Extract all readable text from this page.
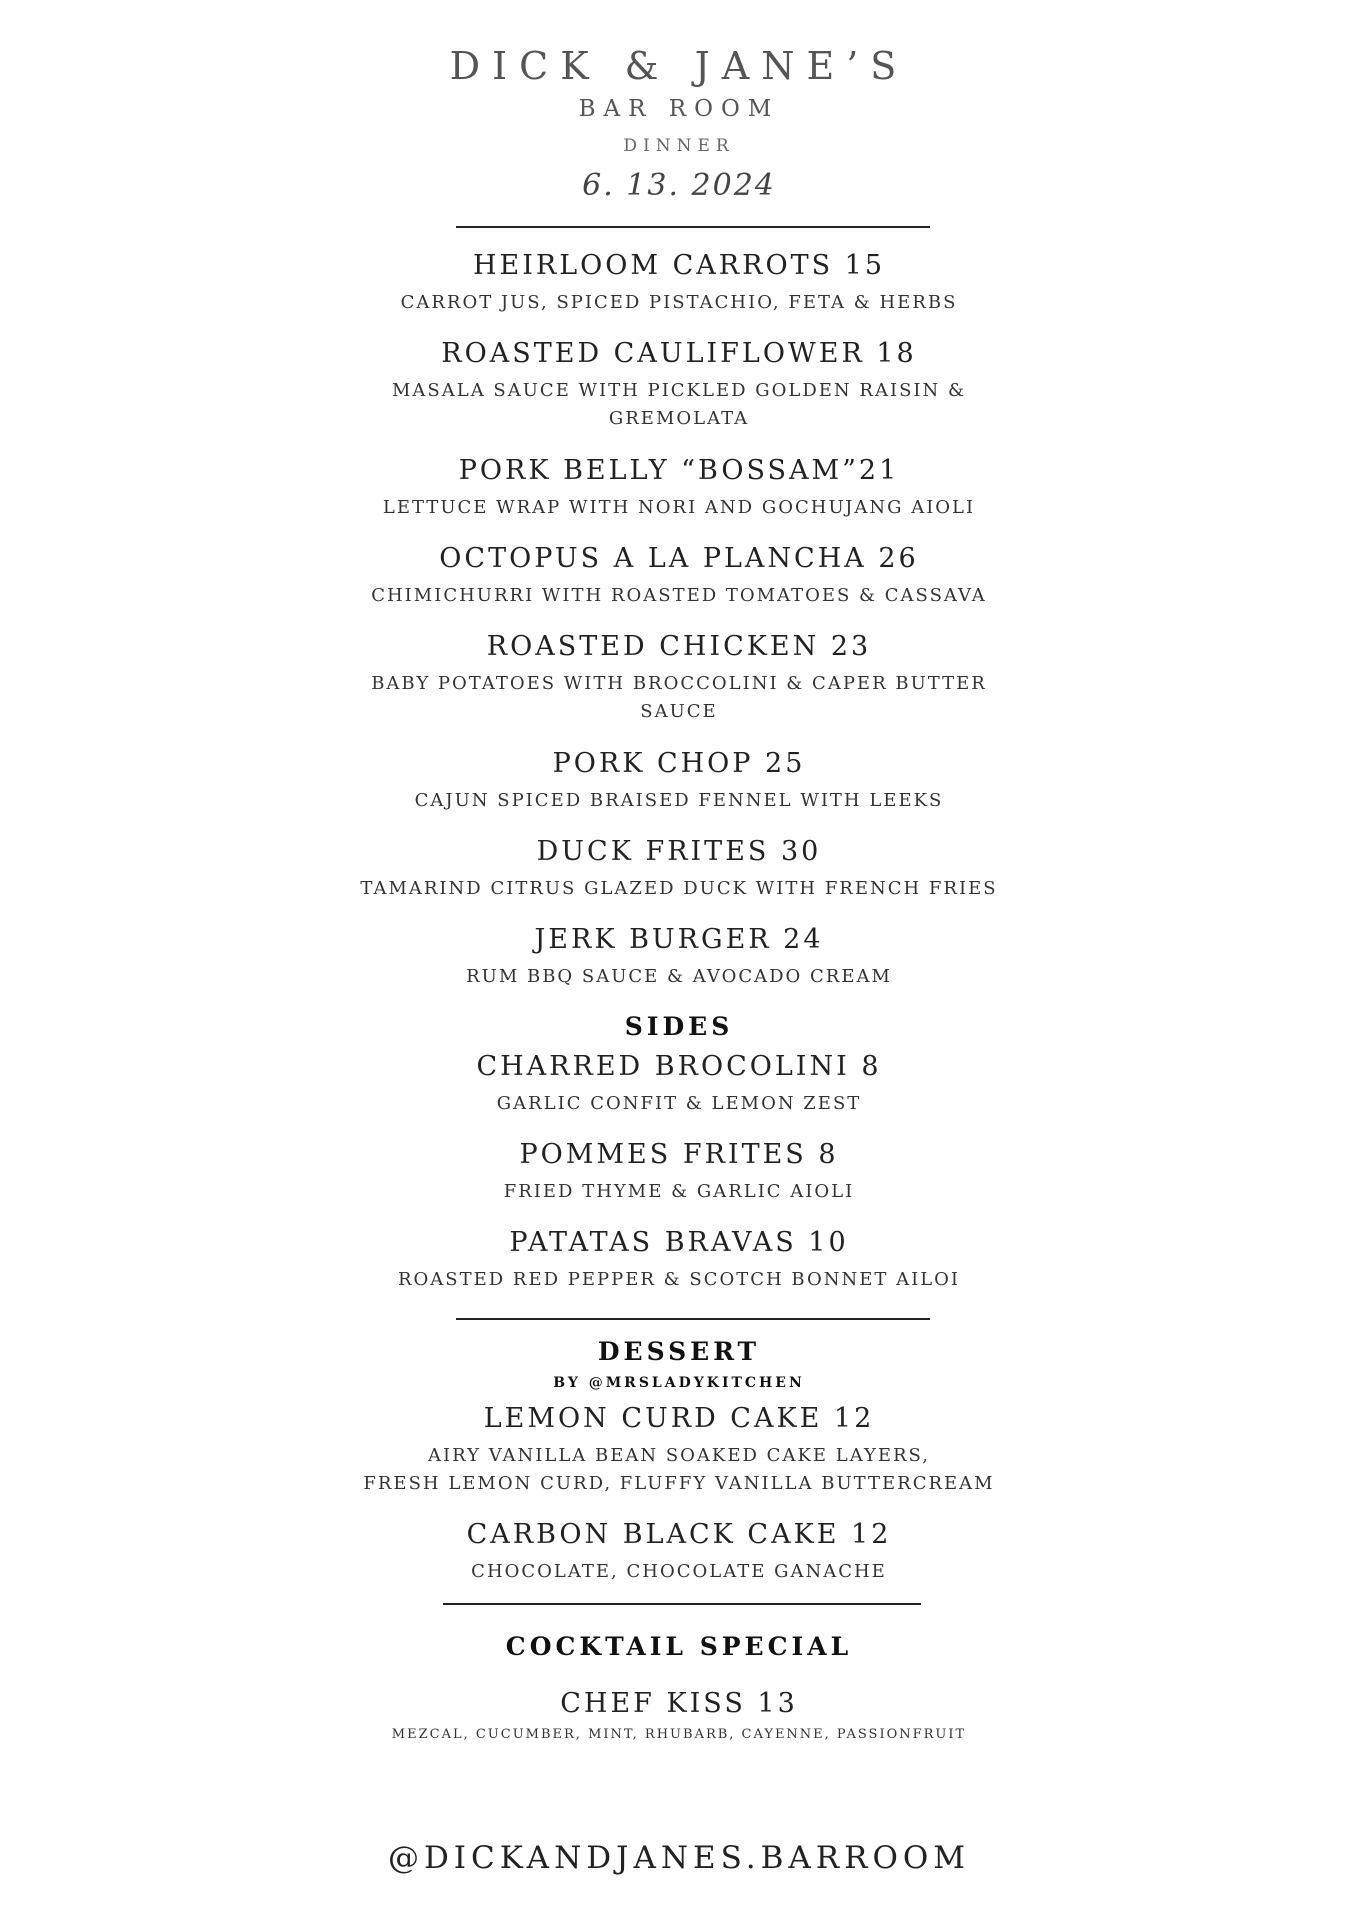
DICK & JANE’S
BAR ROOM
DINNER
6. 13. 2024
HEIRLOOM CARROTS 15
CARROT JUS, SPICED PISTACHIO, FETA & HERBS
ROASTED CAULIFLOWER 18
MASALA SAUCE WITH PICKLED GOLDEN RAISIN &
GREMOLATA
PORK BELLY “BOSSAM”21
LETTUCE WRAP WITH NORI AND GOCHUJANG AIOLI
OCTOPUS A LA PLANCHA 26
CHIMICHURRI WITH ROASTED TOMATOES & CASSAVA
ROASTED CHICKEN 23
BABY POTATOES WITH BROCCOLINI & CAPER BUTTER
SAUCE
PORK CHOP 25
CAJUN SPICED BRAISED FENNEL WITH LEEKS
DUCK FRITES 30
TAMARIND CITRUS GLAZED DUCK WITH FRENCH FRIES
JERK BURGER 24
RUM BBQ SAUCE & AVOCADO CREAM
SIDES
CHARRED BROCOLINI 8
GARLIC CONFIT & LEMON ZEST
POMMES FRITES 8
FRIED THYME & GARLIC AIOLI
PATATAS BRAVAS 10
ROASTED RED PEPPER & SCOTCH BONNET AILOI
DESSERT
BY @MRSLADYKITCHEN
LEMON CURD CAKE 12
AIRY VANILLA BEAN SOAKED CAKE LAYERS,
FRESH LEMON CURD, FLUFFY VANILLA BUTTERCREAM
CARBON BLACK CAKE 12
CHOCOLATE, CHOCOLATE GANACHE
COCKTAIL SPECIAL
CHEF KISS 13
MEZCAL, CUCUMBER, MINT, RHUBARB, CAYENNE, PASSIONFRUIT
@DICKANDJANES.BARROOM
